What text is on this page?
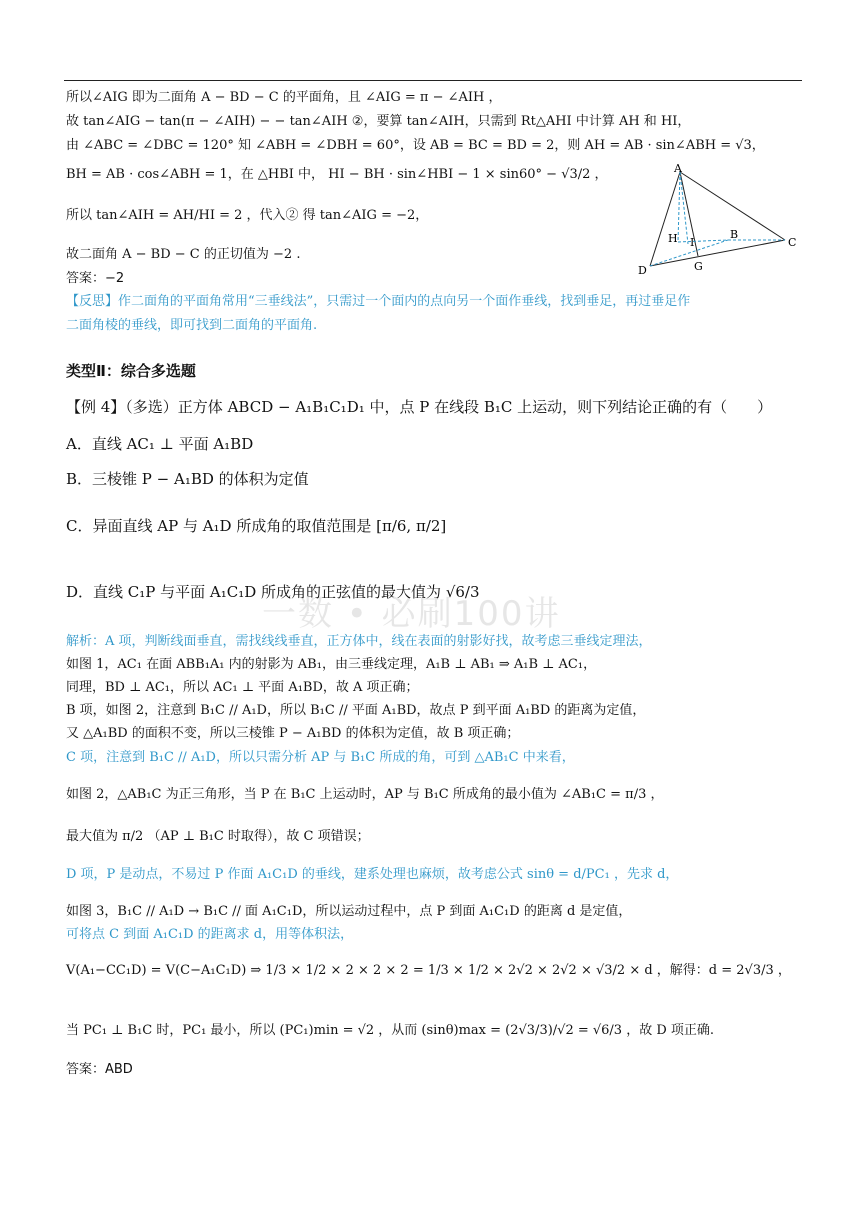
所以∠AIG 即为二面角 A − BD − C 的平面角，且 ∠AIG = π − ∠AIH ，
故 tan∠AIG − tan(π − ∠AIH) − − tan∠AIH ②，要算 tan∠AIH，只需到 Rt△AHI 中计算 AH 和 HI，
由 ∠ABC = ∠DBC = 120° 知 ∠ABH = ∠DBH = 60°，设 AB = BC = BD = 2，则 AH = AB · sin∠ABH = √3，
BH = AB · cos∠ABH = 1，在 △HBI 中， HI − BH · sin∠HBI − 1 × sin60° − √3/2 ，
所以 tan∠AIH = AH/HI = 2 ，代入② 得 tan∠AIG = −2，
故二面角 A − BD − C 的正切值为 −2 .
答案：−2
【反思】作二面角的平面角常用“三垂线法”，只需过一个面内的点向另一个面作垂线，找到垂足，再过垂足作
二面角棱的垂线，即可找到二面角的平面角.
A
B
C
D	G
H I
类型Ⅱ：综合多选题
【例 4】（多选）正方体 ABCD − A₁B₁C₁D₁ 中，点 P 在线段 B₁C 上运动，则下列结论正确的有（　　）
A．直线 AC₁ ⊥ 平面 A₁BD
B．三棱锥 P − A₁BD 的体积为定值
C．异面直线 AP 与 A₁D 所成角的取值范围是 [π/6, π/2]
D．直线 C₁P 与平面 A₁C₁D 所成角的正弦值的最大值为 √6/3
一数 • 必刷100讲
解析：A 项，判断线面垂直，需找线线垂直，正方体中，线在表面的射影好找，故考虑三垂线定理法，
如图 1，AC₁ 在面 ABB₁A₁ 内的射影为 AB₁，由三垂线定理，A₁B ⊥ AB₁ ⇒ A₁B ⊥ AC₁，
同理，BD ⊥ AC₁，所以 AC₁ ⊥ 平面 A₁BD，故 A 项正确；
B 项，如图 2，注意到 B₁C // A₁D，所以 B₁C // 平面 A₁BD，故点 P 到平面 A₁BD 的距离为定值，
又 △A₁BD 的面积不变，所以三棱锥 P − A₁BD 的体积为定值，故 B 项正确；
C 项，注意到 B₁C // A₁D，所以只需分析 AP 与 B₁C 所成的角，可到 △AB₁C 中来看，
如图 2，△AB₁C 为正三角形，当 P 在 B₁C 上运动时，AP 与 B₁C 所成角的最小值为 ∠AB₁C = π/3 ，
最大值为 π/2 （AP ⊥ B₁C 时取得），故 C 项错误；
D 项，P 是动点，不易过 P 作面 A₁C₁D 的垂线，建系处理也麻烦，故考虑公式 sinθ = d/PC₁ ，先求 d，
如图 3，B₁C // A₁D → B₁C // 面 A₁C₁D，所以运动过程中，点 P 到面 A₁C₁D 的距离 d 是定值，
可将点 C 到面 A₁C₁D 的距离求 d，用等体积法，
V(A₁−CC₁D) = V(C−A₁C₁D) ⇒ 1/3 × 1/2 × 2 × 2 × 2 = 1/3 × 1/2 × 2√2 × 2√2 × √3/2 × d ，解得：d = 2√3/3 ，
当 PC₁ ⊥ B₁C 时，PC₁ 最小，所以 (PC₁)min = √2 ，从而 (sinθ)max = (2√3/3)/√2 = √6/3 ，故 D 项正确.
答案：ABD
